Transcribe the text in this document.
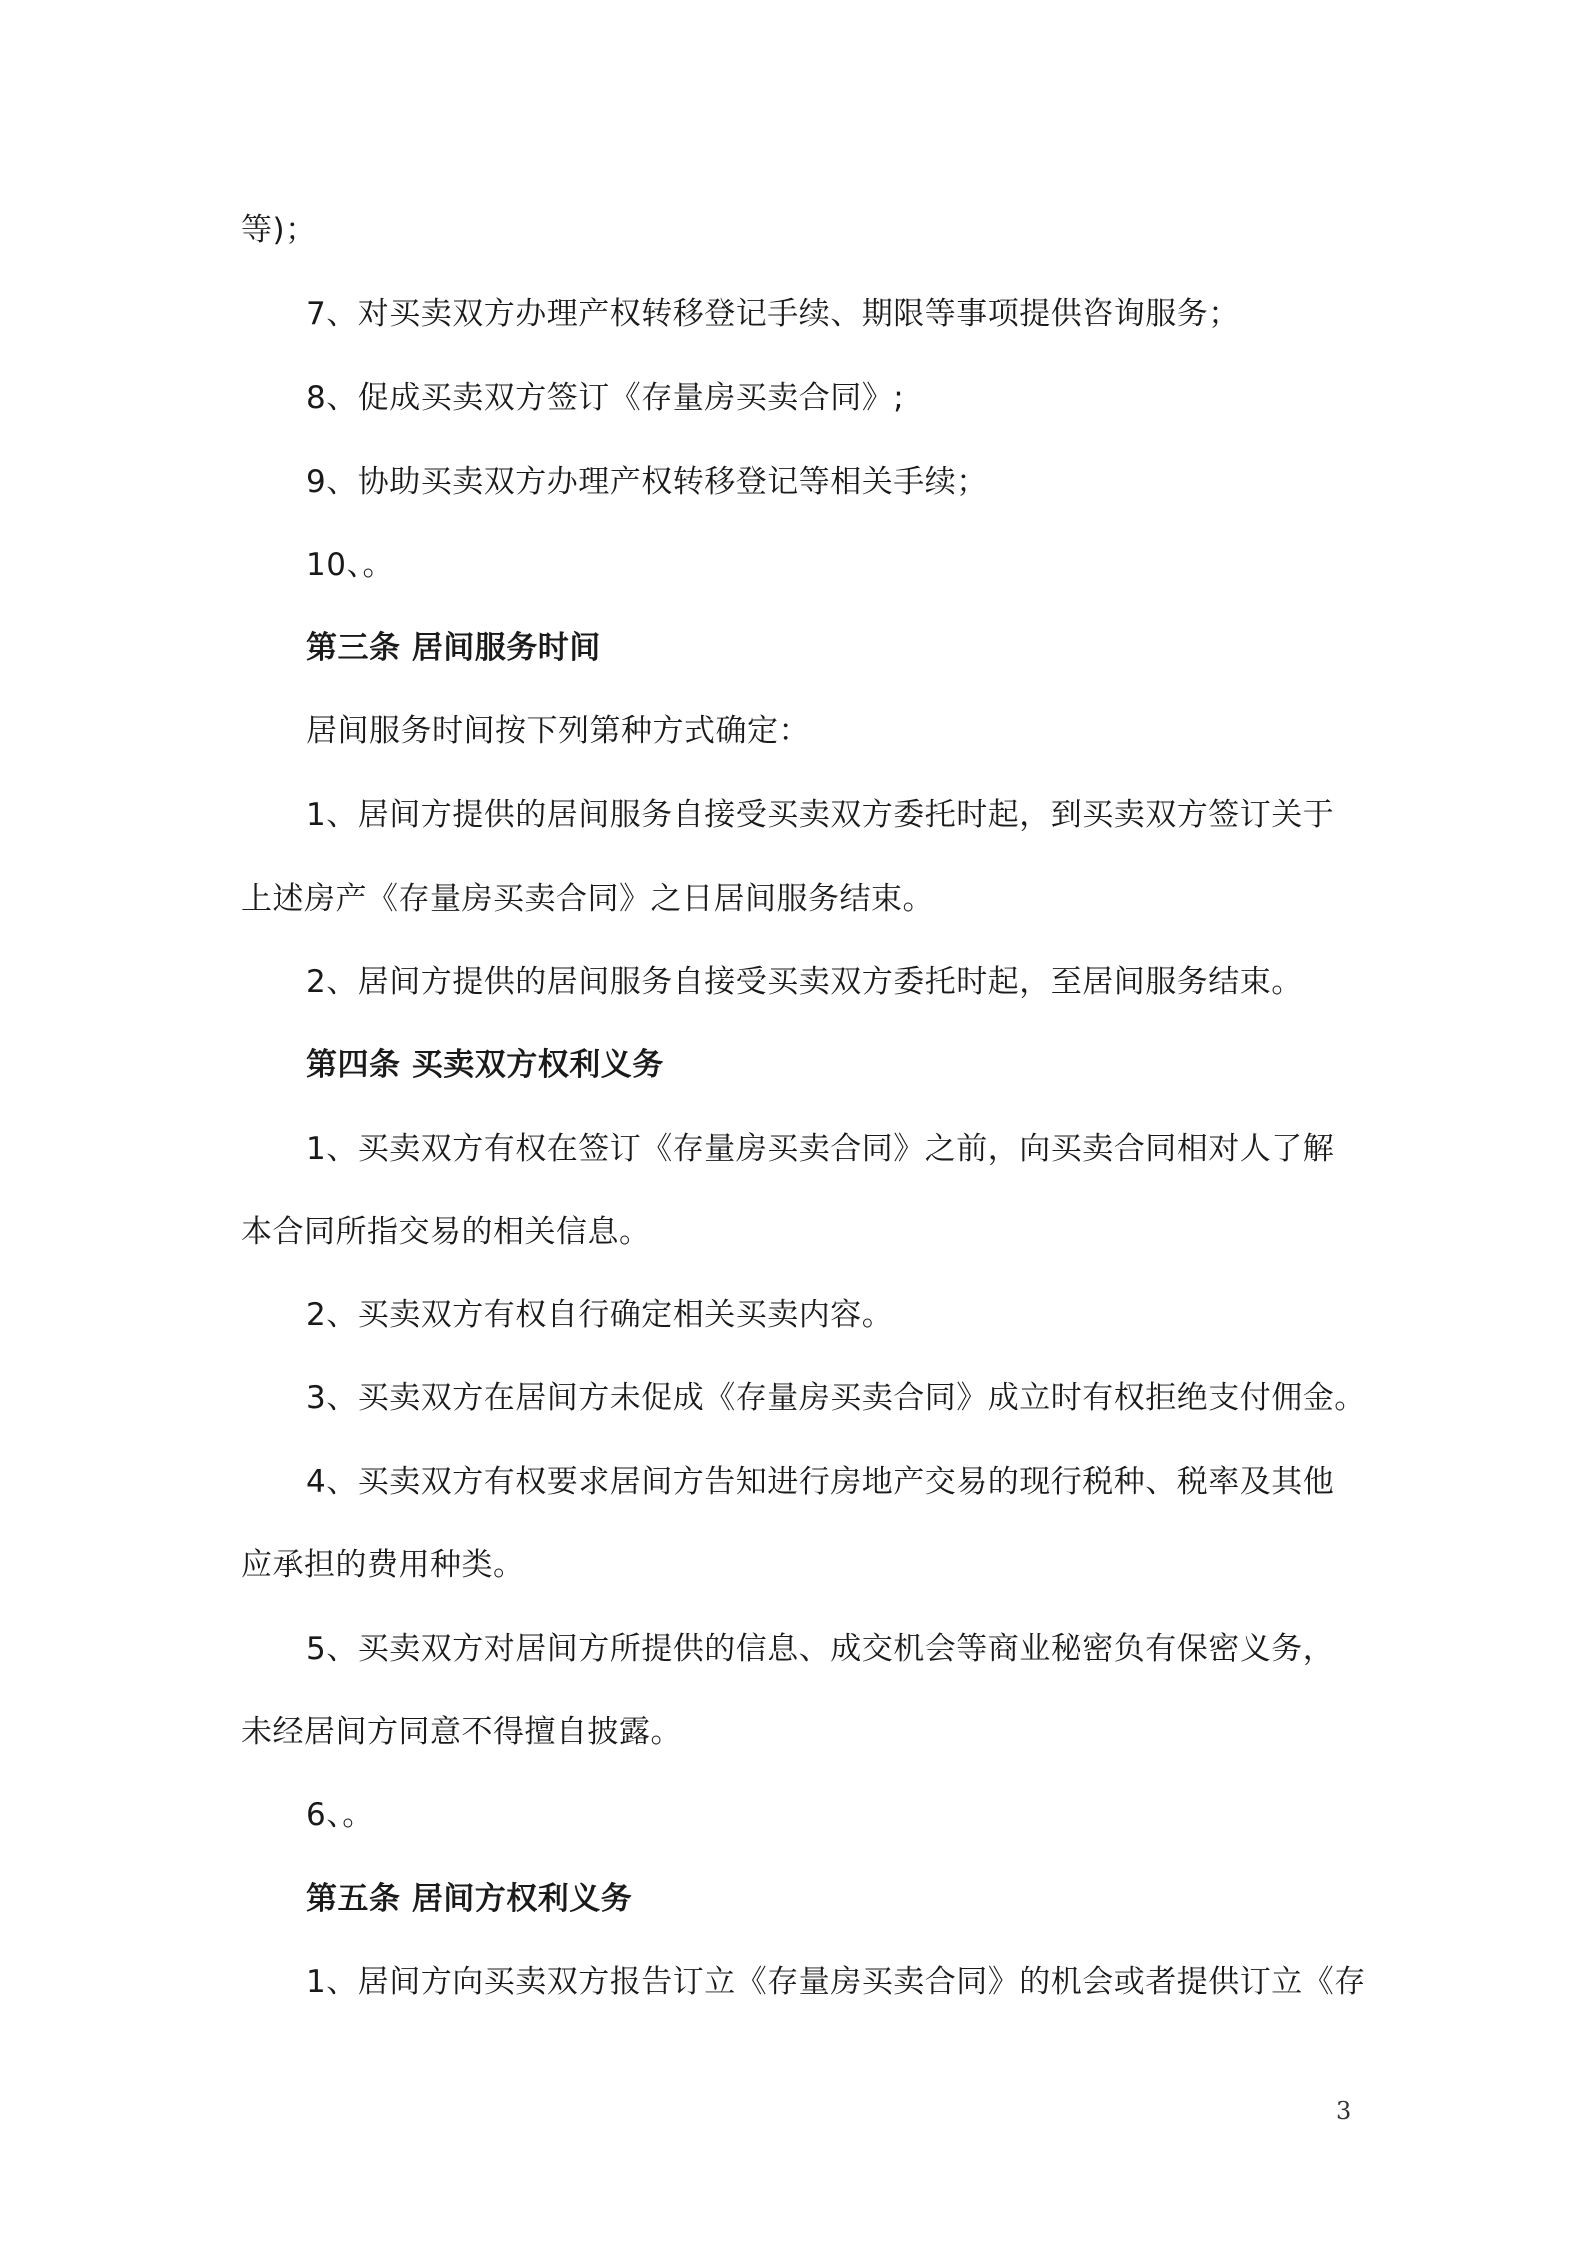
等)；
7、对买卖双方办理产权转移登记手续、期限等事项提供咨询服务；
8、促成买卖双方签订《存量房买卖合同》;
9、协助买卖双方办理产权转移登记等相关手续；
10、。
第三条 居间服务时间
居间服务时间按下列第种方式确定：
1、居间方提供的居间服务自接受买卖双方委托时起，到买卖双方签订关于
上述房产《存量房买卖合同》之日居间服务结束。
2、居间方提供的居间服务自接受买卖双方委托时起，至居间服务结束。
第四条 买卖双方权利义务
1、买卖双方有权在签订《存量房买卖合同》之前，向买卖合同相对人了解
本合同所指交易的相关信息。
2、买卖双方有权自行确定相关买卖内容。
3、买卖双方在居间方未促成《存量房买卖合同》成立时有权拒绝支付佣金。
4、买卖双方有权要求居间方告知进行房地产交易的现行税种、税率及其他
应承担的费用种类。
5、买卖双方对居间方所提供的信息、成交机会等商业秘密负有保密义务，
未经居间方同意不得擅自披露。
6、。
第五条 居间方权利义务
1、居间方向买卖双方报告订立《存量房买卖合同》的机会或者提供订立《存
3
